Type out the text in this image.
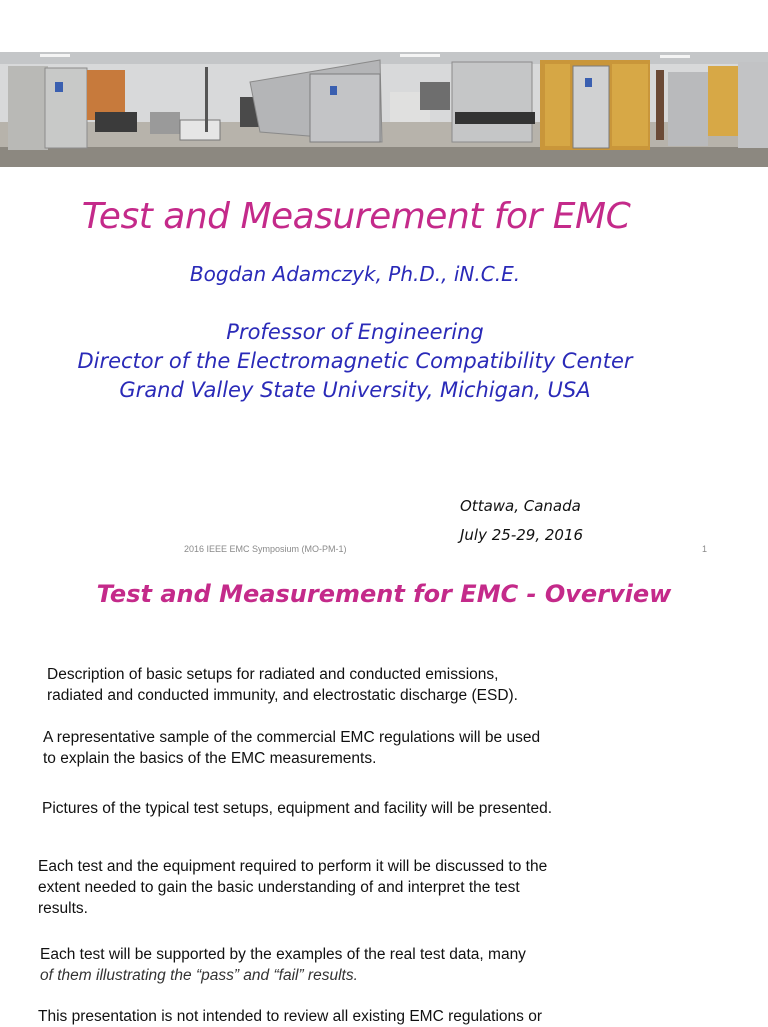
Test and Measurement for EMC
Bogdan Adamczyk, Ph.D., iN.C.E.
Professor of Engineering
Director of the Electromagnetic Compatibility Center
Grand Valley State University, Michigan, USA
Ottawa, Canada
July 25-29, 2016
2016 IEEE EMC Symposium (MO-PM-1)	1
Test and Measurement for EMC - Overview

Description of basic setups for radiated and conducted emissions,
radiated and conducted immunity, and electrostatic discharge (ESD).

A representative sample of the commercial EMC regulations will be used
to explain the basics of the EMC measurements.

Pictures of the typical test setups, equipment and facility will be presented.

Each test and the equipment required to perform it will be discussed to the
extent needed to gain the basic understanding of and interpret the test
results.

Each test will be supported by the examples of the real test data, many
of them illustrating the “pass” and “fail” results.

This presentation is not intended to review all existing EMC regulations or
